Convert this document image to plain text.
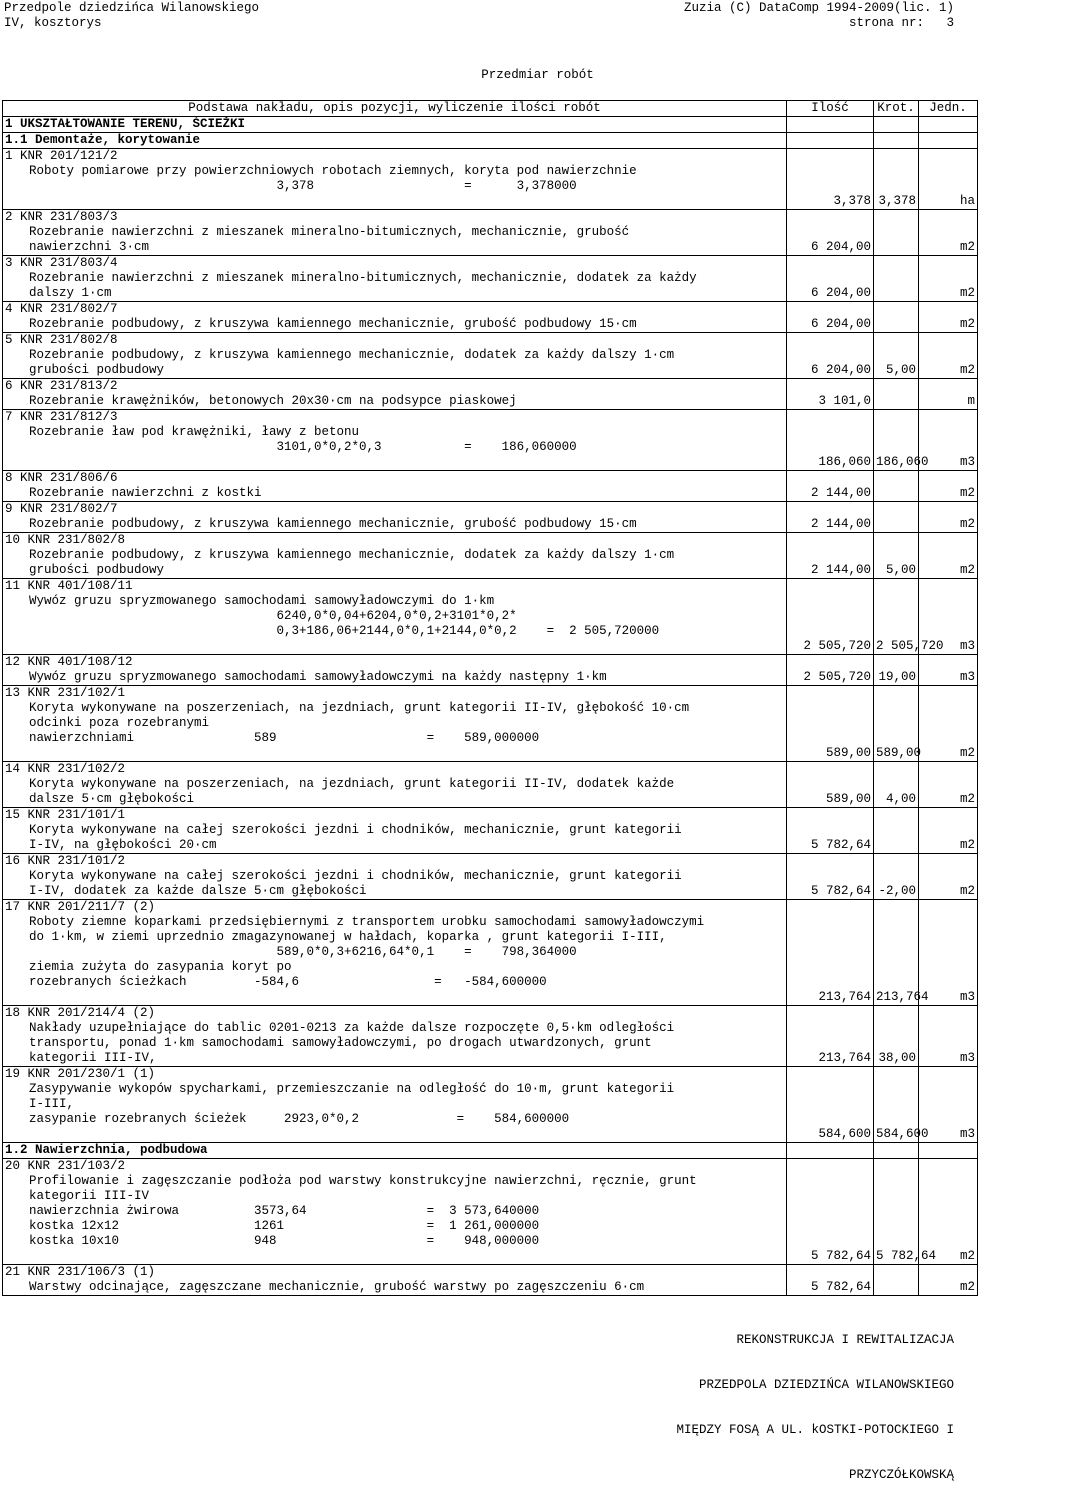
Przedpole dziedzińca Wilanowskiego
IV, kosztorys
Zuzia (C) DataComp 1994-2009(lic. 1)
strona nr:   3
Przedmiar robót
Podstawa nakładu, opis pozycji, wyliczenie ilości robót	Ilość	Krot.	Jedn.
1 UKSZTAŁTOWANIE TERENU, ŚCIEŻKI			
1.1 Demontaże, korytowanie			
1 KNR 201/121/2			
Roboty pomiarowe przy powierzchniowych robotach ziemnych, koryta pod nawierzchnie			
3,378                    =      3,378000			
	3,378	3,378	ha
2 KNR 231/803/3			
Rozebranie nawierzchni z mieszanek mineralno-bitumicznych, mechanicznie, grubość			
nawierzchni 3·cm	6 204,00		m2
3 KNR 231/803/4			
Rozebranie nawierzchni z mieszanek mineralno-bitumicznych, mechanicznie, dodatek za każdy			
dalszy 1·cm	6 204,00		m2
4 KNR 231/802/7			
Rozebranie podbudowy, z kruszywa kamiennego mechanicznie, grubość podbudowy 15·cm	6 204,00		m2
5 KNR 231/802/8			
Rozebranie podbudowy, z kruszywa kamiennego mechanicznie, dodatek za każdy dalszy 1·cm			
grubości podbudowy	6 204,00	5,00	m2
6 KNR 231/813/2			
Rozebranie krawężników, betonowych 20x30·cm na podsypce piaskowej	3 101,0		m
7 KNR 231/812/3			
Rozebranie ław pod krawężniki, ławy z betonu			
3101,0*0,2*0,3           =    186,060000			
	186,060	186,060	m3
8 KNR 231/806/6			
Rozebranie nawierzchni z kostki	2 144,00		m2
9 KNR 231/802/7			
Rozebranie podbudowy, z kruszywa kamiennego mechanicznie, grubość podbudowy 15·cm	2 144,00		m2
10 KNR 231/802/8			
Rozebranie podbudowy, z kruszywa kamiennego mechanicznie, dodatek za każdy dalszy 1·cm			
grubości podbudowy	2 144,00	5,00	m2
11 KNR 401/108/11			
Wywóz gruzu spryzmowanego samochodami samowyładowczymi do 1·km			
6240,0*0,04+6204,0*0,2+3101*0,2*			
0,3+186,06+2144,0*0,1+2144,0*0,2    =  2 505,720000			
	2 505,720	2 505,720	m3
12 KNR 401/108/12			
Wywóz gruzu spryzmowanego samochodami samowyładowczymi na każdy następny 1·km	2 505,720	19,00	m3
13 KNR 231/102/1			
Koryta wykonywane na poszerzeniach, na jezdniach, grunt kategorii II-IV, głębokość 10·cm			
odcinki poza rozebranymi			
nawierzchniami                589                    =    589,000000			
	589,00	589,00	m2
14 KNR 231/102/2			
Koryta wykonywane na poszerzeniach, na jezdniach, grunt kategorii II-IV, dodatek każde			
dalsze 5·cm głębokości	589,00	4,00	m2
15 KNR 231/101/1			
Koryta wykonywane na całej szerokości jezdni i chodników, mechanicznie, grunt kategorii			
I-IV, na głębokości 20·cm	5 782,64		m2
16 KNR 231/101/2			
Koryta wykonywane na całej szerokości jezdni i chodników, mechanicznie, grunt kategorii			
I-IV, dodatek za każde dalsze 5·cm głębokości	5 782,64	-2,00	m2
17 KNR 201/211/7 (2)			
Roboty ziemne koparkami przedsiębiernymi z transportem urobku samochodami samowyładowczymi			
do 1·km, w ziemi uprzednio zmagazynowanej w hałdach, koparka , grunt kategorii I-III,			
589,0*0,3+6216,64*0,1    =    798,364000			
ziemia zużyta do zasypania koryt po			
rozebranych ścieżkach         -584,6                  =   -584,600000			
	213,764	213,764	m3
18 KNR 201/214/4 (2)			
Nakłady uzupełniające do tablic 0201-0213 za każde dalsze rozpoczęte 0,5·km odległości			
transportu, ponad 1·km samochodami samowyładowczymi, po drogach utwardzonych, grunt			
kategorii III-IV,	213,764	38,00	m3
19 KNR 201/230/1 (1)			
Zasypywanie wykopów spycharkami, przemieszczanie na odległość do 10·m, grunt kategorii			
I-III,			
zasypanie rozebranych ścieżek     2923,0*0,2             =    584,600000			
	584,600	584,600	m3
1.2 Nawierzchnia, podbudowa			
20 KNR 231/103/2			
Profilowanie i zagęszczanie podłoża pod warstwy konstrukcyjne nawierzchni, ręcznie, grunt			
kategorii III-IV			
nawierzchnia żwirowa          3573,64                =  3 573,640000			
kostka 12x12                  1261                   =  1 261,000000			
kostka 10x10                  948                    =    948,000000			
	5 782,64	5 782,64	m2
21 KNR 231/106/3 (1)			
Warstwy odcinające, zagęszczane mechanicznie, grubość warstwy po zagęszczeniu 6·cm	5 782,64		m2

REKONSTRUKCJA I REWITALIZACJA

PRZEDPOLA DZIEDZIŃCA WILANOWSKIEGO

MIĘDZY FOSĄ A UL. kOSTKI-POTOCKIEGO I

PRZYCZÓŁKOWSKĄ
